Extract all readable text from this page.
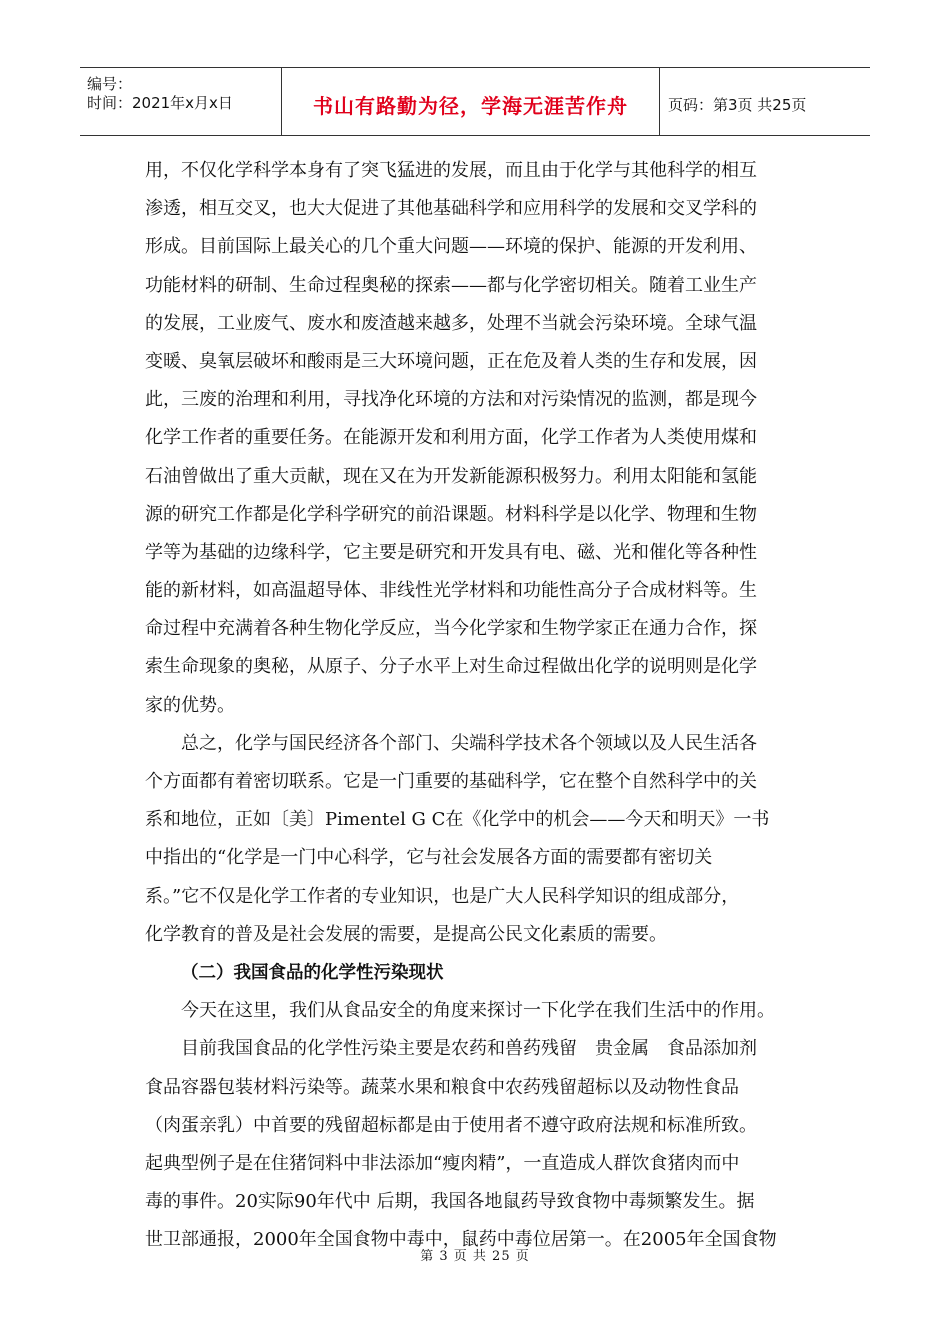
编号：
时间：2021年x月x日	书山有路勤为径，学海无涯苦作舟	页码：第3页 共25页
用，不仅化学科学本身有了突飞猛进的发展，而且由于化学与其他科学的相互
渗透，相互交叉，也大大促进了其他基础科学和应用科学的发展和交叉学科的
形成。目前国际上最关心的几个重大问题——环境的保护、能源的开发利用、
功能材料的研制、生命过程奥秘的探索——都与化学密切相关。随着工业生产
的发展，工业废气、废水和废渣越来越多，处理不当就会污染环境。全球气温
变暖、臭氧层破坏和酸雨是三大环境问题，正在危及着人类的生存和发展，因
此，三废的治理和利用，寻找净化环境的方法和对污染情况的监测，都是现今
化学工作者的重要任务。在能源开发和利用方面，化学工作者为人类使用煤和
石油曾做出了重大贡献，现在又在为开发新能源积极努力。利用太阳能和氢能
源的研究工作都是化学科学研究的前沿课题。材料科学是以化学、物理和生物
学等为基础的边缘科学，它主要是研究和开发具有电、磁、光和催化等各种性
能的新材料，如高温超导体、非线性光学材料和功能性高分子合成材料等。生
命过程中充满着各种生物化学反应，当今化学家和生物学家正在通力合作，探
索生命现象的奥秘，从原子、分子水平上对生命过程做出化学的说明则是化学
家的优势。
总之，化学与国民经济各个部门、尖端科学技术各个领域以及人民生活各
个方面都有着密切联系。它是一门重要的基础科学，它在整个自然科学中的关
系和地位，正如〔美〕Pimentel G C在《化学中的机会——今天和明天》一书
中指出的“化学是一门中心科学，它与社会发展各方面的需要都有密切关
系。”它不仅是化学工作者的专业知识，也是广大人民科学知识的组成部分，
化学教育的普及是社会发展的需要，是提高公民文化素质的需要。
（二）我国食品的化学性污染现状
今天在这里，我们从食品安全的角度来探讨一下化学在我们生活中的作用。
目前我国食品的化学性污染主要是农药和兽药残留　贵金属　食品添加剂
食品容器包装材料污染等。蔬菜水果和粮食中农药残留超标以及动物性食品
（肉蛋亲乳）中首要的残留超标都是由于使用者不遵守政府法规和标准所致。
起典型例子是在住猪饲料中非法添加“瘦肉精”，一直造成人群饮食猪肉而中
毒的事件。20实际90年代中 后期，我国各地鼠药导致食物中毒频繁发生。据
世卫部通报，2000年全国食物中毒中，鼠药中毒位居第一。在2005年全国食物
第 3 页 共 25 页
